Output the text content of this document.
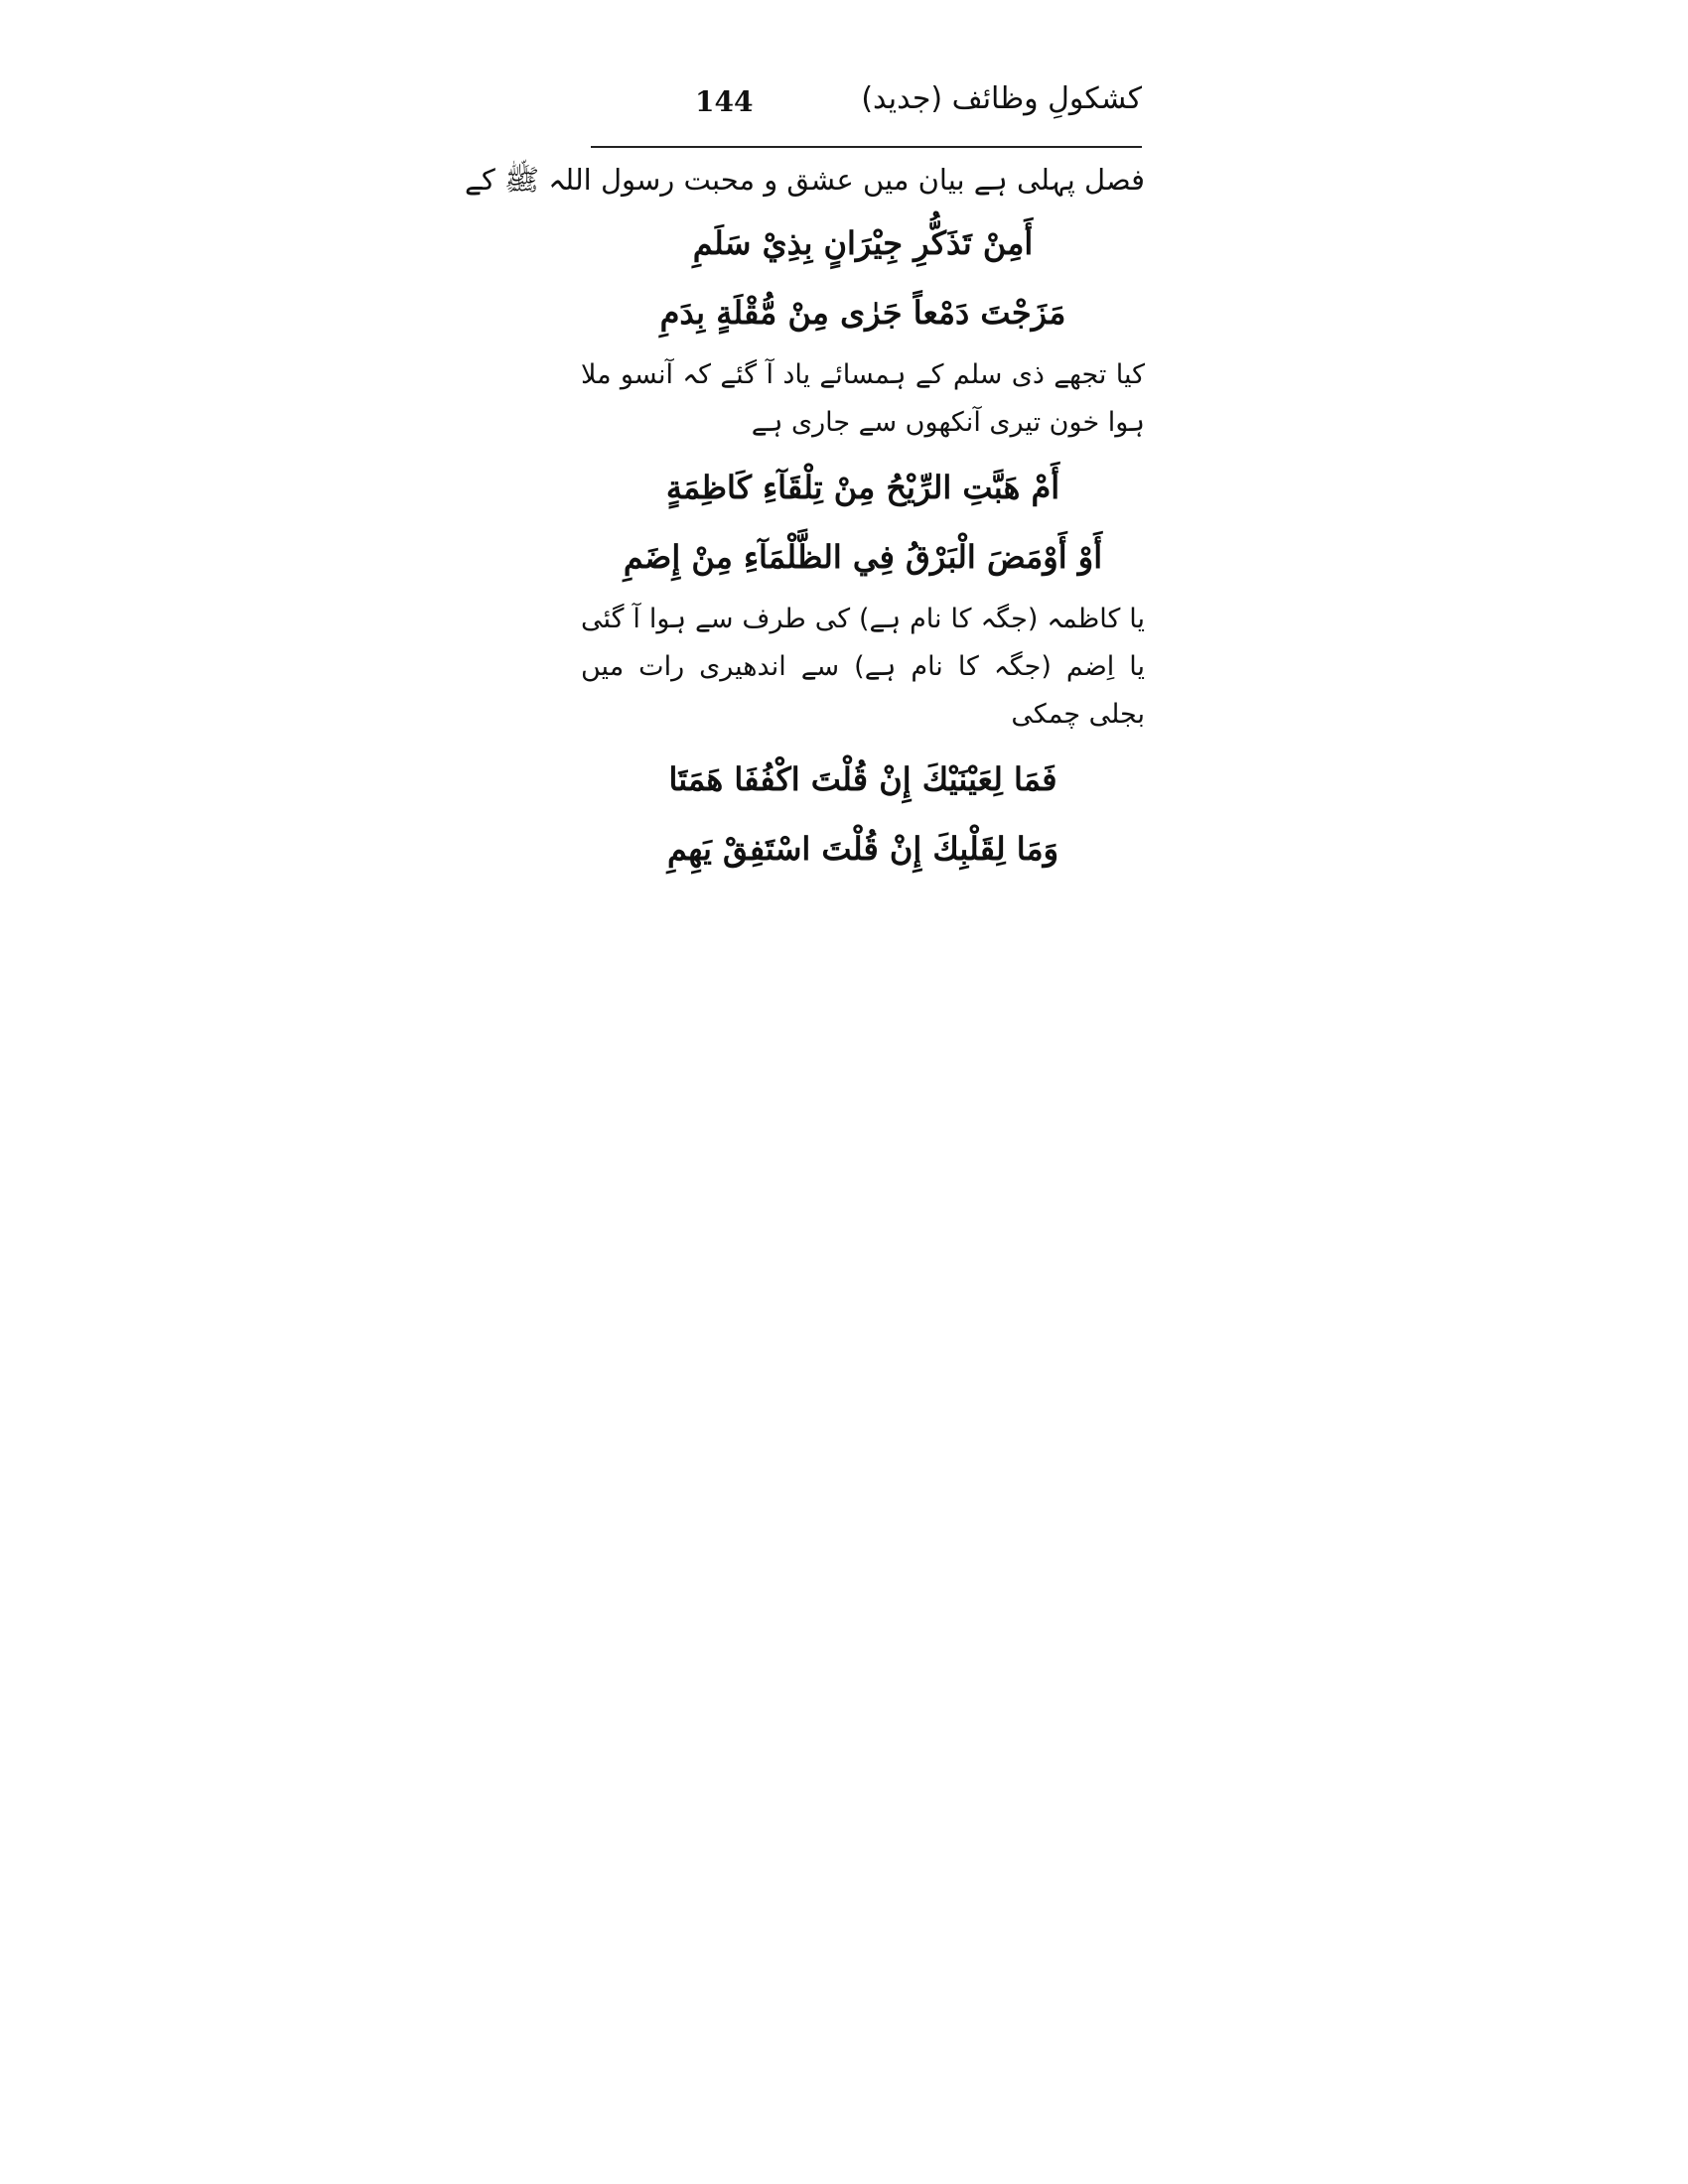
144	کشکولِ وظائف (جدید)

فصل پہلی ہے بیان میں عشق و محبت رسول اللہ ﷺ کے

أَمِنْ تَذَكُّرِ جِيْرَانٍ بِذِيْ سَلَمِ

مَزَجْتَ دَمْعاً جَرٰى مِنْ مُّقْلَةٍ بِدَمِ

کیا تجھے ذی سلم کے ہمسائے یاد آ گئے کہ آنسو ملا ہوا خون تیری آنکھوں سے جاری ہے

أَمْ هَبَّتِ الرِّيْحُ مِنْ تِلْقَآءِ كَاظِمَةٍ

أَوْ أَوْمَضَ الْبَرْقُ فِي الظَّلْمَآءِ مِنْ إِضَمِ

یا کاظمہ (جگہ کا نام ہے) کی طرف سے ہوا آ گئی یا اِضم (جگہ کا نام ہے) سے اندھیری رات میں بجلی چمکی

فَمَا لِعَيْنَيْكَ إِنْ قُلْتَ اكْفُفَا هَمَتَا

وَمَا لِقَلْبِكَ إِنْ قُلْتَ اسْتَفِقْ يَهِمِ
